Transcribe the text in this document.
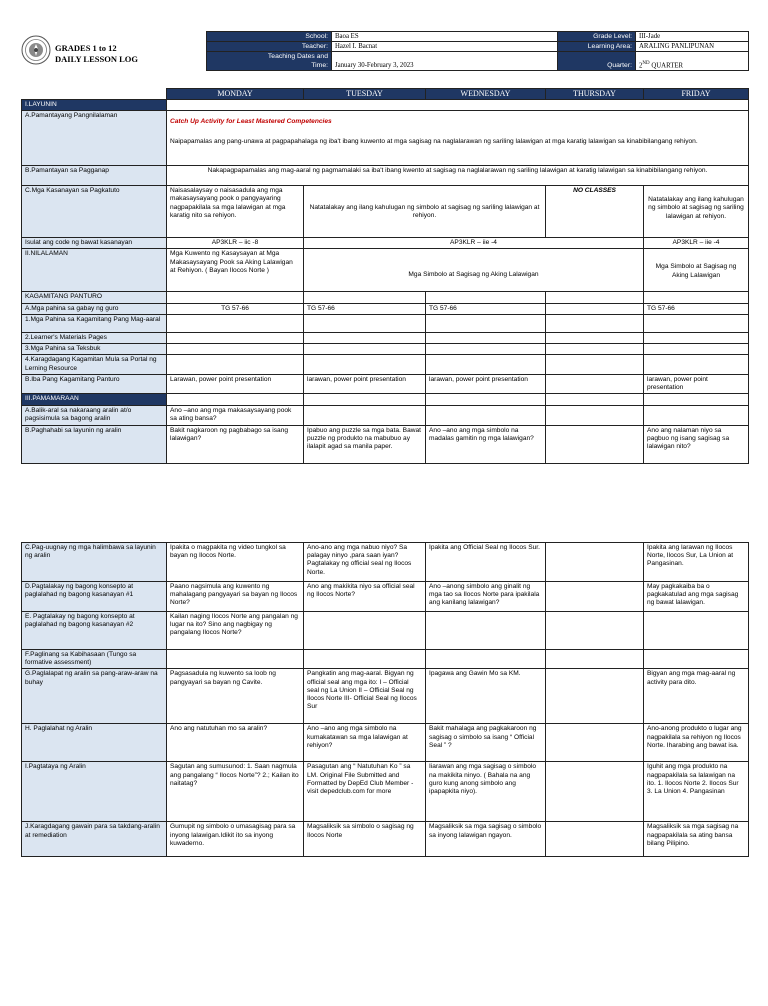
GRADES 1 to 12
DAILY LESSON LOG
School:	Baoa ES	Grade Level:	III-Jade
Teacher:	Hazel I. Bacnat	Learning Area:	ARALING PANLIPUNAN
Teaching Dates and
Time:	January 30-February 3, 2023	Quarter:	2ND QUARTER

	MONDAY	TUESDAY	WEDNESDAY	THURSDAY	FRIDAY
I.LAYUNIN					
A.Pamantayang Pangnilalaman	Catch Up Activity for Least Mastered Competencies
Naipapamalas ang pang-unawa at pagpapahalaga ng iba't ibang kuwento at mga sagisag na naglalarawan ng sariling lalawigan at mga karatig lalawigan sa kinabibilangang rehiyon.				

B.Pamantayan sa Pagganap	Nakapagpapamalas ang mag-aaral ng pagmamalaki sa iba't ibang kwento at sagisag na naglalarawan ng sariling lalawigan at karatig lalawigan sa kinabibilangang rehiyon.				
C.Mga Kasanayan sa Pagkatuto	Naisasalaysay o naisasadula ang mga makasaysayang pook o pangyayaring nagpapakilala sa mga lalawigan at mga karatig nito sa rehiyon.	Natatalakay ang ilang kahulugan ng simbolo at sagisag ng sariling lalawigan at rehiyon.		NO CLASSES	Natatalakay ang ilang kahulugan ng simbolo at sagisag ng sariling lalawigan at rehiyon.
Isulat ang code ng bawat kasanayan	AP3KLR – iic -8	AP3KLR – iie -4			AP3KLR – iie -4
II.NILALAMAN	Mga Kuwento ng Kasaysayan at Mga Makasaysayang Pook sa Aking Lalawigan at Rehiyon. ( Bayan Ilocos Norte )	Mga Simbolo at Sagisag ng Aking Lalawigan			Mga Simbolo at Sagisag ng Aking Lalawigan
KAGAMITANG PANTURO					
A.Mga pahina sa gabay ng guro	TG 57-66	TG 57-66	TG 57-66		TG 57-66
1.Mga Pahina sa Kagamitang Pang Mag-aaral					
2.Learner's Materials Pages					
3.Mga Pahina sa Teksbuk					
4.Karagdagang Kagamitan Mula sa Portal ng Lerning Resource					
B.Iba Pang Kagamitang Panturo	Larawan, power point presentation	larawan, power point presentation	larawan, power point presentation		larawan, power point presentation
III.PAMAMARAAN					
A.Balik-aral sa nakaraang aralin at/o pagsisimula sa bagong aralin	Ano –ano ang mga makasaysayang pook sa ating bansa?				
B.Paghahabi sa layunin ng aralin	Bakit nagkaroon ng pagbabago sa isang lalawigan?	Ipabuo ang puzzle sa mga bata. Bawat puzzle ng produkto na mabubuo ay ilalapit agad sa manila paper.	Ano –ano ang mga simbolo na madalas gamitin ng mga lalawigan?		Ano ang nalaman niyo sa pagbuo ng isang sagisag sa lalawigan nito?
C.Pag-uugnay ng mga halimbawa sa layunin ng aralin	Ipakita o magpakita ng video tungkol sa bayan ng Ilocos Norte.	Ano-ano ang mga nabuo niyo? Sa palagay ninyo ,para saan iyan? Pagtalakay ng official seal ng Ilocos Norte.	Ipakita ang Official Seal ng Ilocos Sur.		Ipakita ang larawan ng Ilocos Norte, Ilocos Sur, La Union at Pangasinan.
D.Pagtalakay ng bagong konsepto at paglalahad ng bagong kasanayan #1	Paano nagsimula ang kuwento ng mahalagang pangyayari sa bayan ng Ilocos Norte?	Ano ang makikita niyo sa official seal ng Ilocos Norte?	Ano –anong simbolo ang ginalit ng mga tao sa Ilocos Norte para ipakilala ang kanilang lalawigan?		May pagkakaiba ba o pagkakatulad ang mga sagisag ng bawat lalawigan.
E. Pagtalakay ng bagong konsepto at paglalahad ng bagong kasanayan #2	Kailan naging Ilocos Norte ang pangalan ng lugar na ito? Sino ang nagbigay ng pangalang Ilocos Norte?				
F.Paglinang sa Kabihasaan (Tungo sa formative assessment)					
G.Paglalapat ng aralin sa pang-araw-araw na buhay	Pagsasadula ng kuwento sa loob ng pangyayari sa bayan ng Cavite.	Pangkatin ang mag-aaral. Bigyan ng official seal ang mga ito: I – Official seal ng La Union II – Official Seal ng Ilocos Norte III- Official Seal ng Ilocos Sur	Ipagawa ang Gawin Mo sa KM.		Bigyan ang mga mag-aaral ng activity para dito.
H. Paglalahat ng Aralin	Ano ang natutuhan mo sa aralin?	Ano –ano ang mga simbolo na kumakatawan sa mga lalawigan at rehiyon?	Bakit mahalaga ang pagkakaroon ng sagisag o simbolo sa isang “ Official Seal ” ?		Ano-anong produkto o lugar ang nagpakilala sa rehiyon ng Ilocos Norte. Iharabing ang bawat isa.
I.Pagtataya ng Aralin	Sagutan ang sumusunod: 1. Saan nagmula ang pangalang “ Ilocos Norte”? 2.; Kailan ito naitatag?	Pasagutan ang “ Natutuhan Ko ” sa LM. Original File Submitted and Formatted by DepEd Club Member - visit depedclub.com for more	Iiarawan ang mga sagisag o simbolo na makikita ninyo. ( Bahala na ang guro kung anong simbolo ang ipapapkita niyo).		Iguhit ang mga produkto na nagpapakilala sa lalawigan na ito. 1. Ilocos Norte 2. Ilocos Sur 3. La Union 4. Pangasinan
J.Karagdagang gawain para sa takdang-aralin at remediation	Gumupit ng simbolo o umasagisag para sa inyong lalawigan.Idikit ito sa inyong kuwaderno.	Magsaliksik sa simbolo o sagisag ng Ilocos Norte	Magsaliksik sa mga sagisag o simbolo sa inyong lalawigan ngayon.		Magsaliksik sa mga sagisag na nagpapakilala sa ating bansa bilang Pilipino.
